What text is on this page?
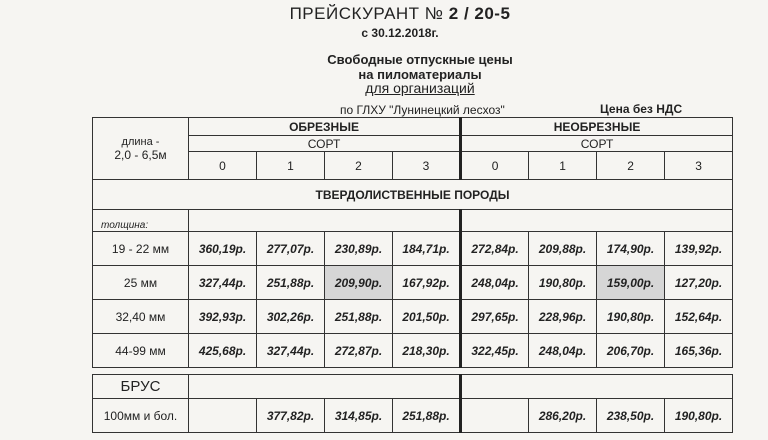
ПРЕЙСКУРАНТ № 2 / 20-5
с 30.12.2018г.
Свободные отпускные цены
на пиломатериалы
для организаций
по ГЛХУ "Лунинецкий лесхоз"	Цена без НДС
длина -
2,0 - 6,5м	ОБРЕЗНЫЕ				НЕОБРЕЗНЫЕ			
	СОРТ				СОРТ			
	0	1	2	3	0	1	2	3
ТВЕРДОЛИСТВЕННЫЕ ПОРОДЫ								
толщина:								
19 - 22 мм	360,19р.	277,07р.	230,89р.	184,71р.	272,84р.	209,88р.	174,90р.	139,92р.
25 мм	327,44р.	251,88р.	209,90р.	167,92р.	248,04р.	190,80р.	159,00р.	127,20р.
32,40 мм	392,93р.	302,26р.	251,88р.	201,50р.	297,65р.	228,96р.	190,80р.	152,64р.
44-99 мм	425,68р.	327,44р.	272,87р.	218,30р.	322,45р.	248,04р.	206,70р.	165,36р.
БРУС								
100мм и бол.		377,82р.	314,85р.	251,88р.		286,20р.	238,50р.	190,80р.
